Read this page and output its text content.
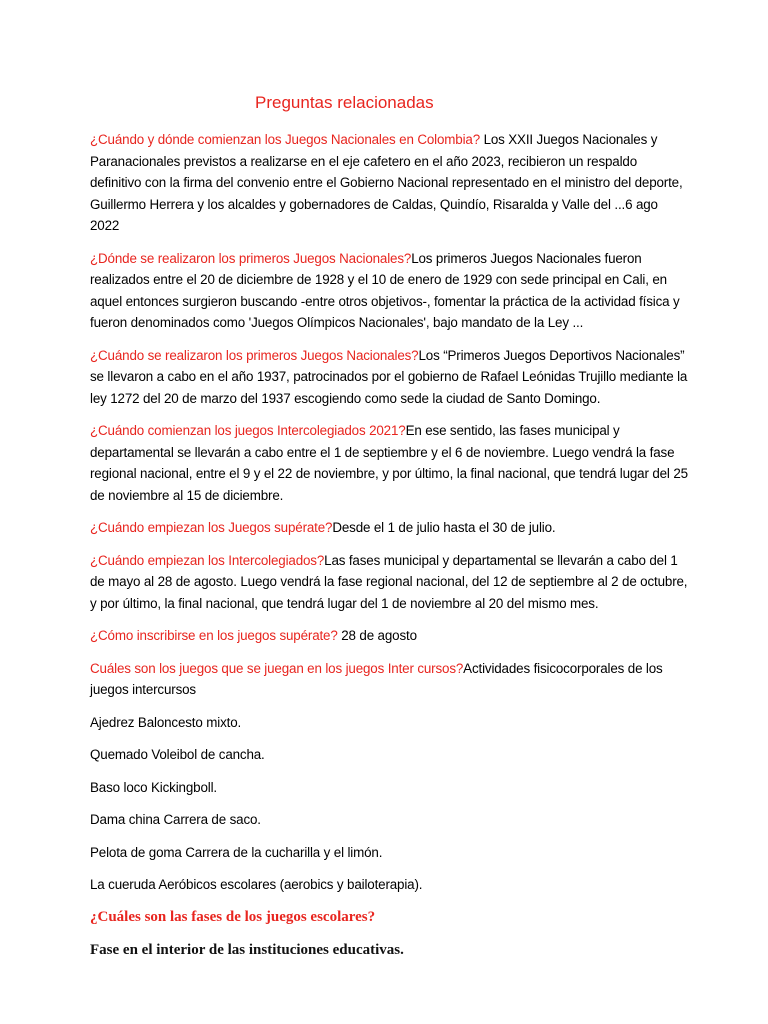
Preguntas relacionadas

¿Cuándo y dónde comienzan los Juegos Nacionales en Colombia? Los XXII Juegos Nacionales y Paranacionales previstos a realizarse en el eje cafetero en el año 2023, recibieron un respaldo definitivo con la firma del convenio entre el Gobierno Nacional representado en el ministro del deporte, Guillermo Herrera y los alcaldes y gobernadores de Caldas, Quindío, Risaralda y Valle del ...6 ago 2022

¿Dónde se realizaron los primeros Juegos Nacionales?Los primeros Juegos Nacionales fueron realizados entre el 20 de diciembre de 1928 y el 10 de enero de 1929 con sede principal en Cali, en aquel entonces surgieron buscando -entre otros objetivos-, fomentar la práctica de la actividad física y fueron denominados como 'Juegos Olímpicos Nacionales', bajo mandato de la Ley ...

¿Cuándo se realizaron los primeros Juegos Nacionales?Los “Primeros Juegos Deportivos Nacionales” se llevaron a cabo en el año 1937, patrocinados por el gobierno de Rafael Leónidas Trujillo mediante la ley 1272 del 20 de marzo del 1937 escogiendo como sede la ciudad de Santo Domingo.

¿Cuándo comienzan los juegos Intercolegiados 2021?En ese sentido, las fases municipal y departamental se llevarán a cabo entre el 1 de septiembre y el 6 de noviembre. Luego vendrá la fase regional nacional, entre el 9 y el 22 de noviembre, y por último, la final nacional, que tendrá lugar del 25 de noviembre al 15 de diciembre.

¿Cuándo empiezan los Juegos supérate?Desde el 1 de julio hasta el 30 de julio.

¿Cuándo empiezan los Intercolegiados?Las fases municipal y departamental se llevarán a cabo del 1 de mayo al 28 de agosto. Luego vendrá la fase regional nacional, del 12 de septiembre al 2 de octubre, y por último, la final nacional, que tendrá lugar del 1 de noviembre al 20 del mismo mes.

¿Cómo inscribirse en los juegos supérate? 28 de agosto

Cuáles son los juegos que se juegan en los juegos Inter cursos?Actividades fisicocorporales de los juegos intercursos

Ajedrez Baloncesto mixto.

Quemado Voleibol de cancha.

Baso loco Kickingboll.

Dama china Carrera de saco.

Pelota de goma Carrera de la cucharilla y el limón.

La cueruda Aeróbicos escolares (aerobics y bailoterapia).

¿Cuáles son las fases de los juegos escolares?

Fase en el interior de las instituciones educativas.
